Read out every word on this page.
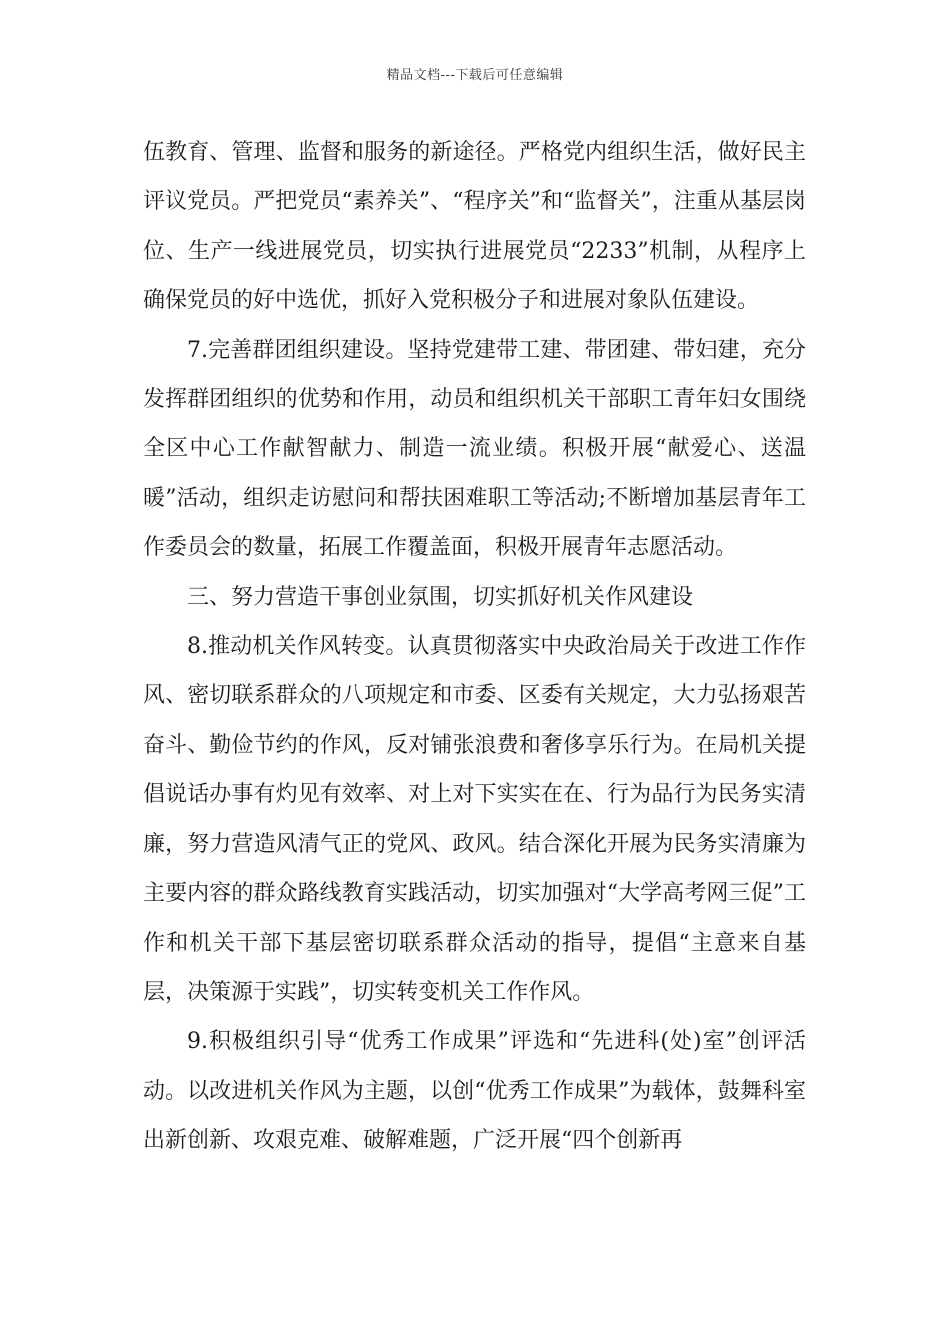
精品文档---下载后可任意编辑

伍教育、管理、监督和服务的新途径。严格党内组织生活，做好民主评议党员。严把党员“素养关”、“程序关”和“监督关”，注重从基层岗位、生产一线进展党员，切实执行进展党员“2233”机制，从程序上确保党员的好中选优，抓好入党积极分子和进展对象队伍建设。

7.完善群团组织建设。坚持党建带工建、带团建、带妇建，充分发挥群团组织的优势和作用，动员和组织机关干部职工青年妇女围绕全区中心工作献智献力、制造一流业绩。积极开展“献爱心、送温暖”活动，组织走访慰问和帮扶困难职工等活动;不断增加基层青年工作委员会的数量，拓展工作覆盖面，积极开展青年志愿活动。

三、努力营造干事创业氛围，切实抓好机关作风建设

8.推动机关作风转变。认真贯彻落实中央政治局关于改进工作作风、密切联系群众的八项规定和市委、区委有关规定，大力弘扬艰苦奋斗、勤俭节约的作风，反对铺张浪费和奢侈享乐行为。在局机关提倡说话办事有灼见有效率、对上对下实实在在、行为品行为民务实清廉，努力营造风清气正的党风、政风。结合深化开展为民务实清廉为主要内容的群众路线教育实践活动，切实加强对“大学高考网三促”工作和机关干部下基层密切联系群众活动的指导，提倡“主意来自基层，决策源于实践”，切实转变机关工作作风。

9.积极组织引导“优秀工作成果”评选和“先进科(处)室”创评活动。以改进机关作风为主题，以创“优秀工作成果”为载体，鼓舞科室出新创新、攻艰克难、破解难题，广泛开展“四个创新再
